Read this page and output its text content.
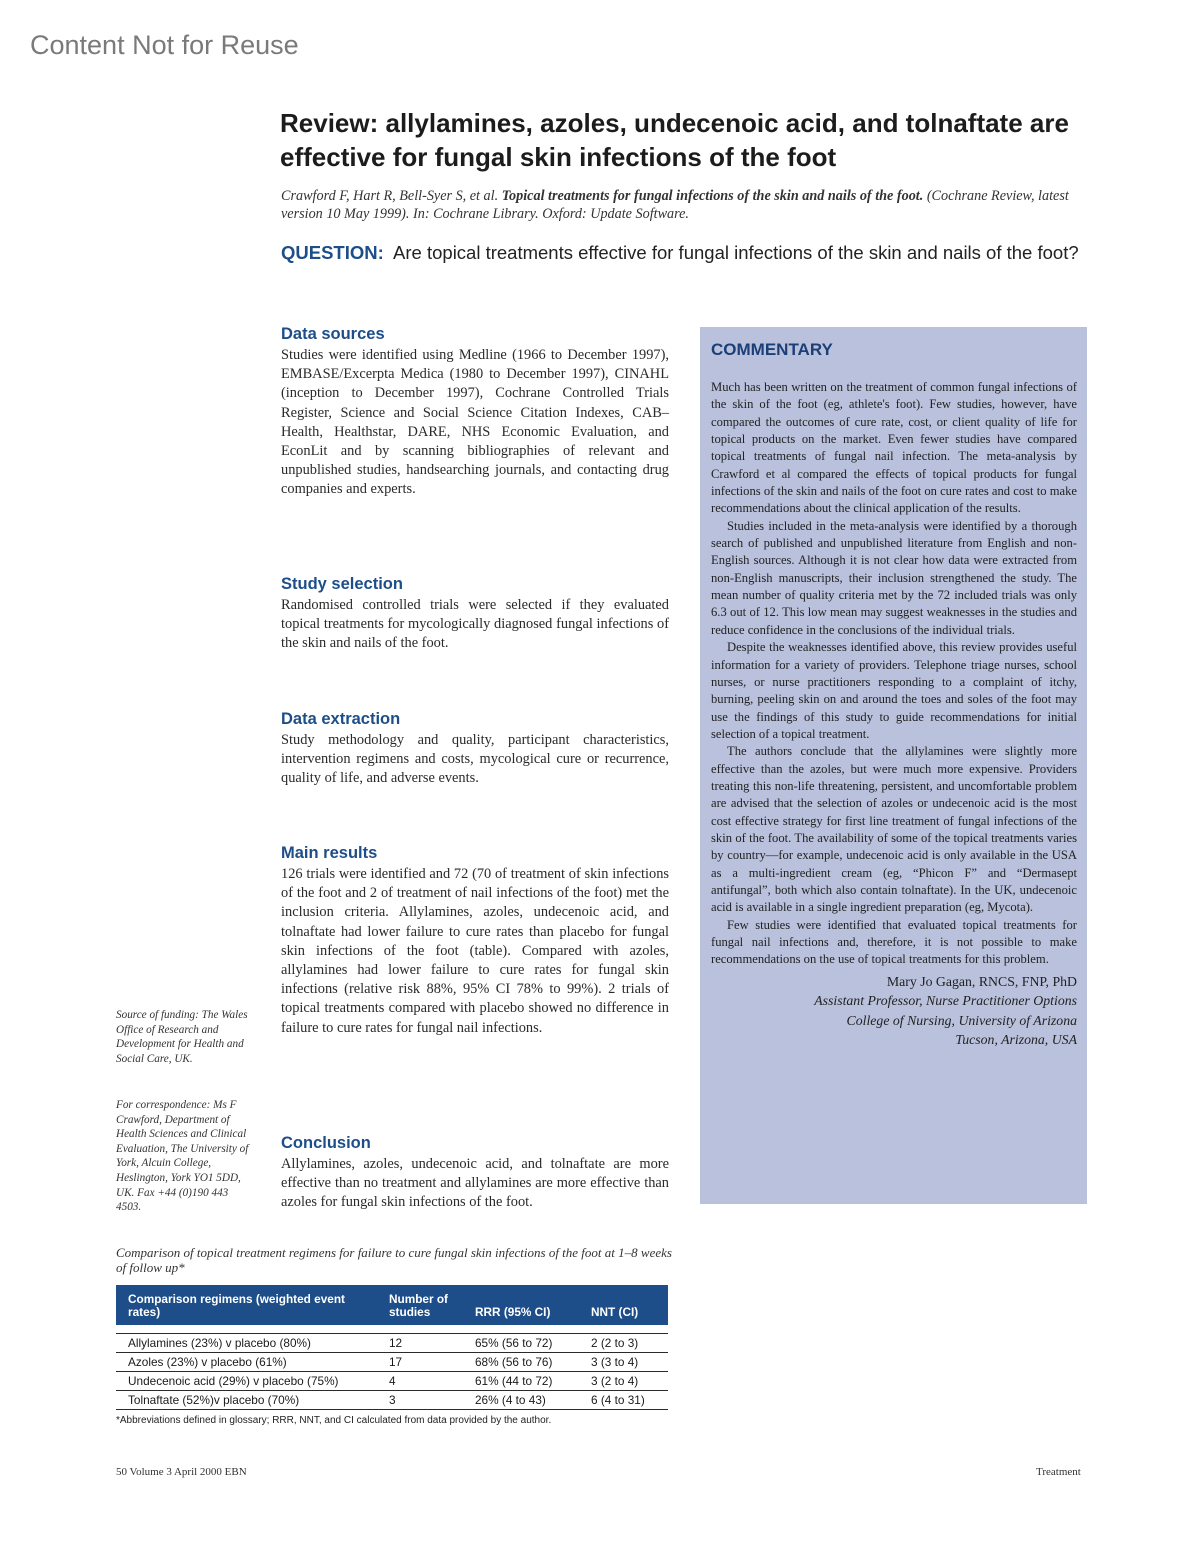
Content Not for Reuse
Review: allylamines, azoles, undecenoic acid, and tolnaftate are effective for fungal skin infections of the foot
Crawford F, Hart R, Bell-Syer S, et al. Topical treatments for fungal infections of the skin and nails of the foot. (Cochrane Review, latest version 10 May 1999). In: Cochrane Library. Oxford: Update Software.
QUESTION: Are topical treatments effective for fungal infections of the skin and nails of the foot?
Data sources

Studies were identified using Medline (1966 to December 1997), EMBASE/Excerpta Medica (1980 to December 1997), CINAHL (inception to December 1997), Cochrane Controlled Trials Register, Science and Social Science Citation Indexes, CAB–Health, Healthstar, DARE, NHS Economic Evaluation, and EconLit and by scanning bibliographies of relevant and unpublished studies, handsearching journals, and contacting drug companies and experts.

Study selection

Randomised controlled trials were selected if they evaluated topical treatments for mycologically diagnosed fungal infections of the skin and nails of the foot.

Data extraction

Study methodology and quality, participant characteristics, intervention regimens and costs, mycological cure or recurrence, quality of life, and adverse events.

Main results

126 trials were identified and 72 (70 of treatment of skin infections of the foot and 2 of treatment of nail infections of the foot) met the inclusion criteria. Allylamines, azoles, undecenoic acid, and tolnaftate had lower failure to cure rates than placebo for fungal skin infections of the foot (table). Compared with azoles, allylamines had lower failure to cure rates for fungal skin infections (relative risk 88%, 95% CI 78% to 99%). 2 trials of topical treatments compared with placebo showed no difference in failure to cure rates for fungal nail infections.

Conclusion

Allylamines, azoles, undecenoic acid, and tolnaftate are more effective than no treatment and allylamines are more effective than azoles for fungal skin infections of the foot.

Source of funding: The Wales Office of Research and Development for Health and Social Care, UK.

For correspondence: Ms F Crawford, Department of Health Sciences and Clinical Evaluation, The University of York, Alcuin College, Heslington, York YO1 5DD, UK. Fax +44 (0)190 443 4503.

COMMENTARY

Much has been written on the treatment of common fungal infections of the skin of the foot (eg, athlete's foot). Few studies, however, have compared the outcomes of cure rate, cost, or client quality of life for topical products on the market. Even fewer studies have compared topical treatments of fungal nail infection. The meta-analysis by Crawford et al compared the effects of topical products for fungal infections of the skin and nails of the foot on cure rates and cost to make recommendations about the clinical application of the results.

Studies included in the meta-analysis were identified by a thorough search of published and unpublished literature from English and non-English sources. Although it is not clear how data were extracted from non-English manuscripts, their inclusion strengthened the study. The mean number of quality criteria met by the 72 included trials was only 6.3 out of 12. This low mean may suggest weaknesses in the studies and reduce confidence in the conclusions of the individual trials.

Despite the weaknesses identified above, this review provides useful information for a variety of providers. Telephone triage nurses, school nurses, or nurse practitioners responding to a complaint of itchy, burning, peeling skin on and around the toes and soles of the foot may use the findings of this study to guide recommendations for initial selection of a topical treatment.

The authors conclude that the allylamines were slightly more effective than the azoles, but were much more expensive. Providers treating this non-life threatening, persistent, and uncomfortable problem are advised that the selection of azoles or undecenoic acid is the most cost effective strategy for first line treatment of fungal infections of the skin of the foot. The availability of some of the topical treatments varies by country—for example, undecenoic acid is only available in the USA as a multi-ingredient cream (eg, “Phicon F” and “Dermasept antifungal”, both which also contain tolnaftate). In the UK, undecenoic acid is available in a single ingredient preparation (eg, Mycota).

Few studies were identified that evaluated topical treatments for fungal nail infections and, therefore, it is not possible to make recommendations on the use of topical treatments for this problem.

Mary Jo Gagan, RNCS, FNP, PhD
Assistant Professor, Nurse Practitioner Options
College of Nursing, University of Arizona
Tucson, Arizona, USA
Comparison of topical treatment regimens for failure to cure fungal skin infections of the foot at 1–8 weeks of follow up*
Comparison regimens (weighted event rates)	Number of studies	RRR (95% CI)	NNT (CI)

Allylamines (23%) v placebo (80%)	12	65% (56 to 72)	2 (2 to 3)
Azoles (23%) v placebo (61%)	17	68% (56 to 76)	3 (3 to 4)
Undecenoic acid (29%) v placebo (75%)	4	61% (44 to 72)	3 (2 to 4)
Tolnaftate (52%)v placebo (70%)	3	26% (4 to 43)	6 (4 to 31)
*Abbreviations defined in glossary; RRR, NNT, and CI calculated from data provided by the author.
50 Volume 3 April 2000 EBN	Treatment
